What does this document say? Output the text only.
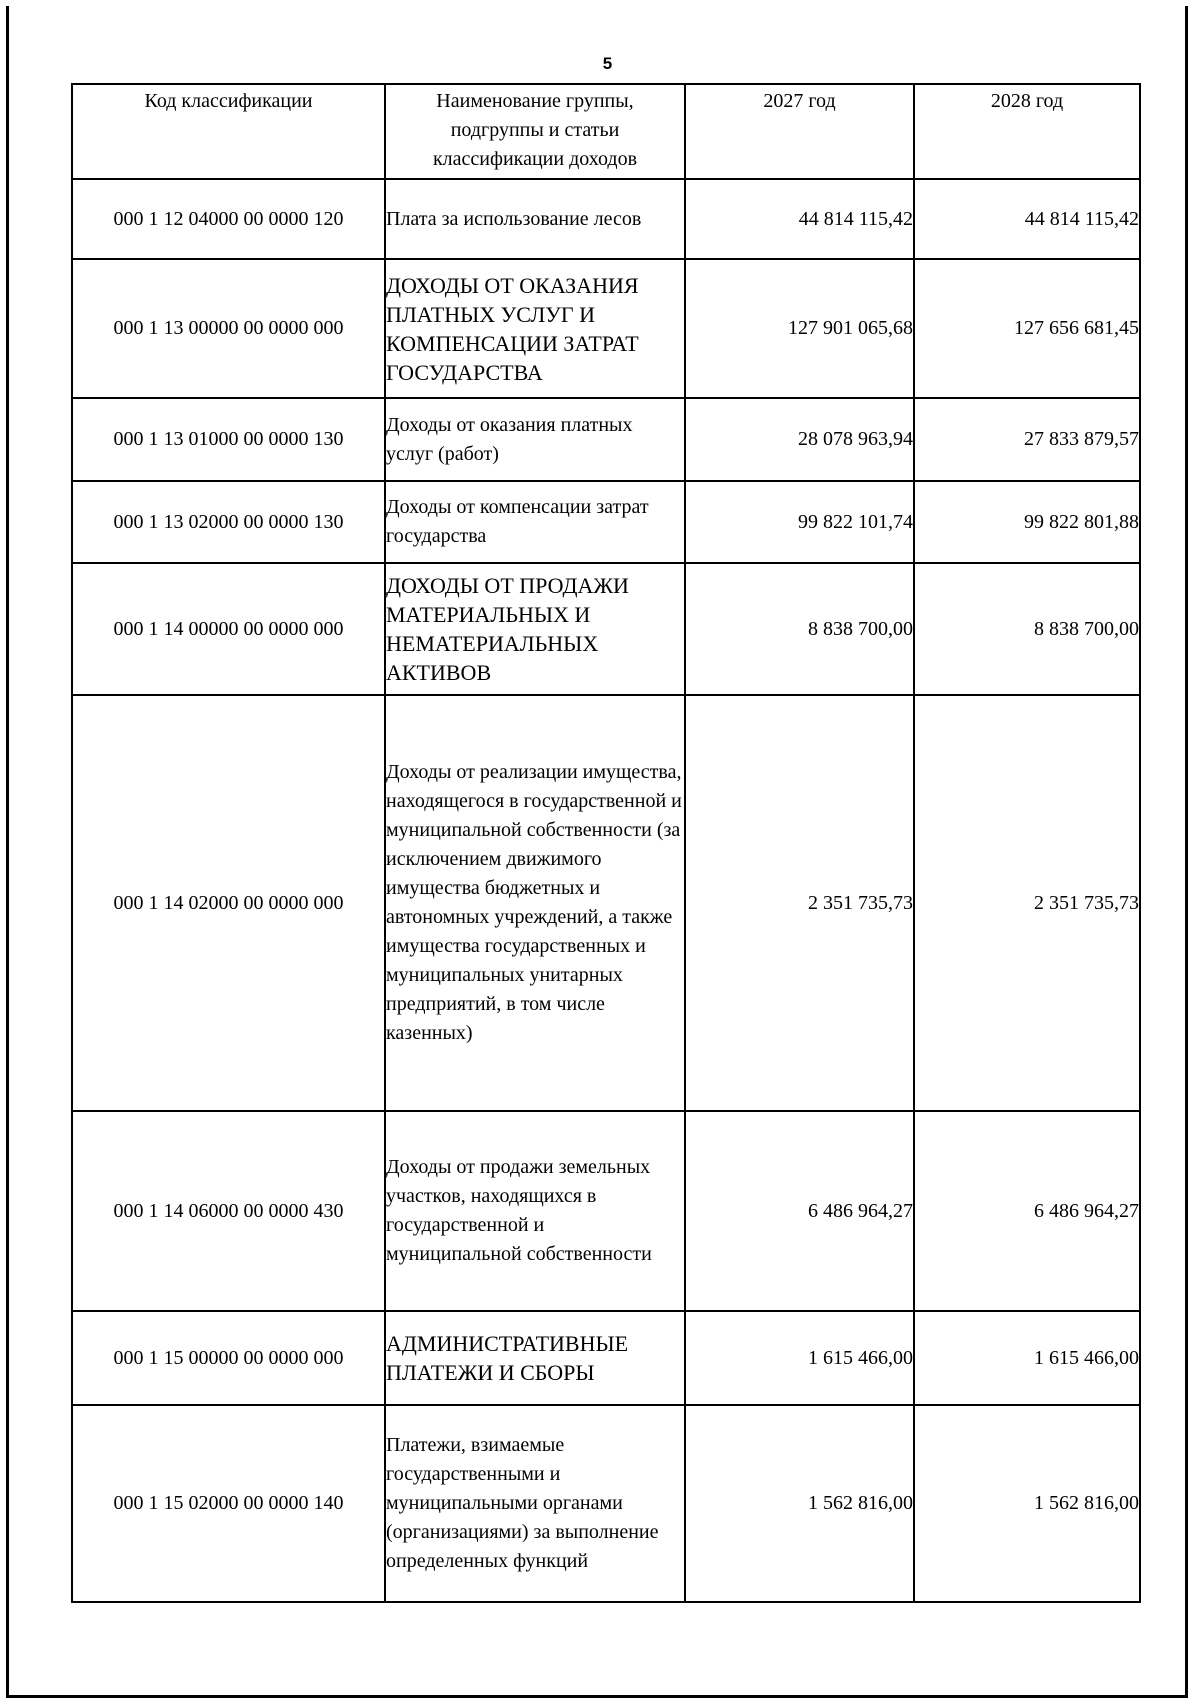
5
Код классификации	Наименование группы, подгруппы и статьи классификации доходов	2027 год	2028 год
000 1 12 04000 00 0000 120	Плата за использование лесов	44 814 115,42	44 814 115,42
000 1 13 00000 00 0000 000	ДОХОДЫ ОТ ОКАЗАНИЯ ПЛАТНЫХ УСЛУГ И КОМПЕНСАЦИИ ЗАТРАТ ГОСУДАРСТВА	127 901 065,68	127 656 681,45
000 1 13 01000 00 0000 130	Доходы от оказания платных услуг (работ)	28 078 963,94	27 833 879,57
000 1 13 02000 00 0000 130	Доходы от компенсации затрат государства	99 822 101,74	99 822 801,88
000 1 14 00000 00 0000 000	ДОХОДЫ ОТ ПРОДАЖИ МАТЕРИАЛЬНЫХ И НЕМАТЕРИАЛЬНЫХ АКТИВОВ	8 838 700,00	8 838 700,00
000 1 14 02000 00 0000 000	Доходы от реализации имущества, находящегося в государственной и муниципальной собственности (за исключением движимого имущества бюджетных и автономных учреждений, а также имущества государственных и муниципальных унитарных предприятий, в том числе казенных)	2 351 735,73	2 351 735,73
000 1 14 06000 00 0000 430	Доходы от продажи земельных участков, находящихся в государственной и муниципальной собственности	6 486 964,27	6 486 964,27
000 1 15 00000 00 0000 000	АДМИНИСТРАТИВНЫЕ ПЛАТЕЖИ И СБОРЫ	1 615 466,00	1 615 466,00
000 1 15 02000 00 0000 140	Платежи, взимаемые государственными и муниципальными органами (организациями) за выполнение определенных функций	1 562 816,00	1 562 816,00
